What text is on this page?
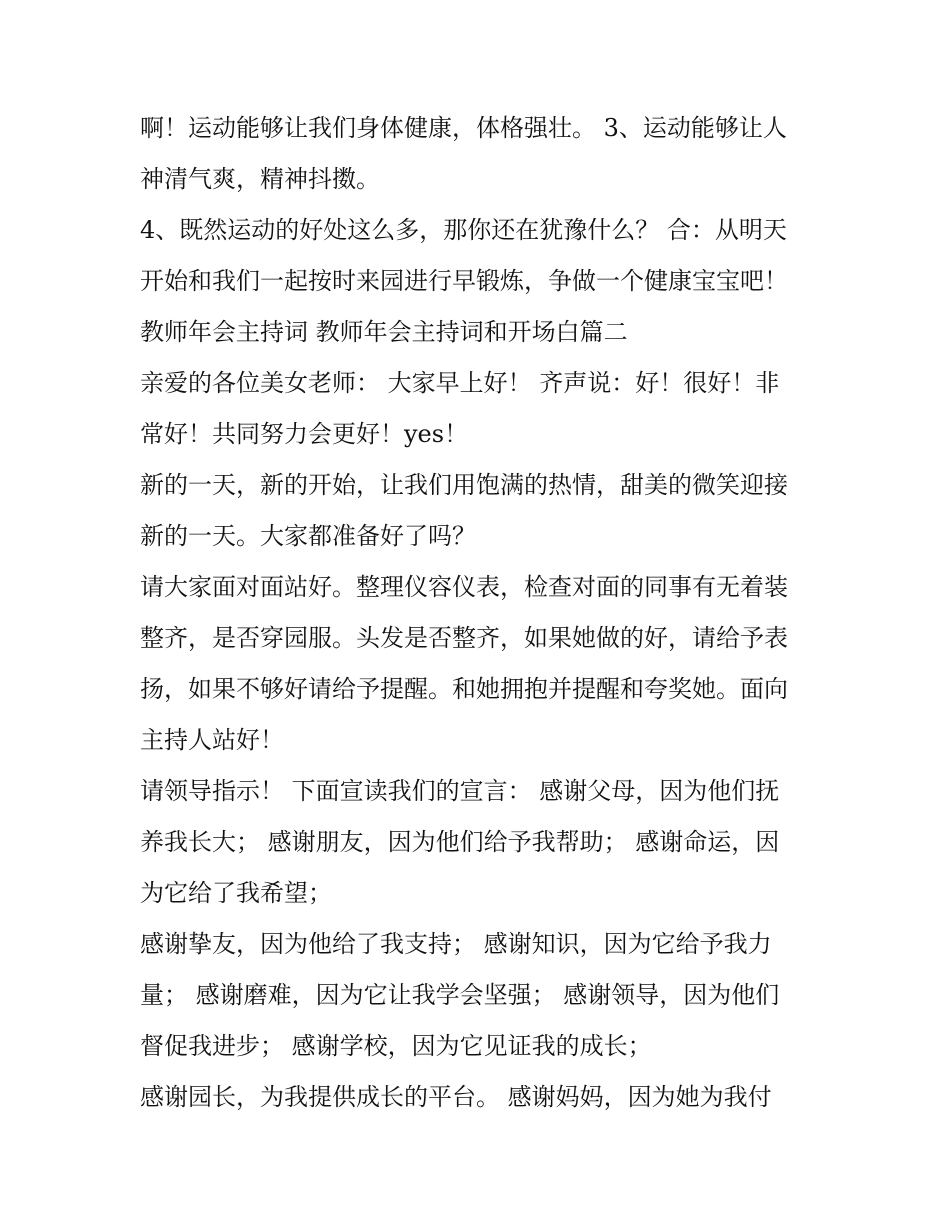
啊！运动能够让我们身体健康，体格强壮。 3、运动能够让人
神清气爽，精神抖擞。
4、既然运动的好处这么多，那你还在犹豫什么？ 合：从明天
开始和我们一起按时来园进行早锻炼，争做一个健康宝宝吧！
教师年会主持词 教师年会主持词和开场白篇二
亲爱的各位美女老师： 大家早上好！ 齐声说：好！很好！非
常好！共同努力会更好！yes！
新的一天，新的开始，让我们用饱满的热情，甜美的微笑迎接
新的一天。大家都准备好了吗？
请大家面对面站好。整理仪容仪表，检查对面的同事有无着装
整齐，是否穿园服。头发是否整齐，如果她做的好，请给予表
扬，如果不够好请给予提醒。和她拥抱并提醒和夸奖她。面向
主持人站好！
请领导指示！ 下面宣读我们的宣言： 感谢父母，因为他们抚
养我长大； 感谢朋友，因为他们给予我帮助； 感谢命运，因
为它给了我希望；
感谢挚友，因为他给了我支持； 感谢知识，因为它给予我力
量； 感谢磨难，因为它让我学会坚强； 感谢领导，因为他们
督促我进步； 感谢学校，因为它见证我的成长；
感谢园长，为我提供成长的平台。 感谢妈妈，因为她为我付
